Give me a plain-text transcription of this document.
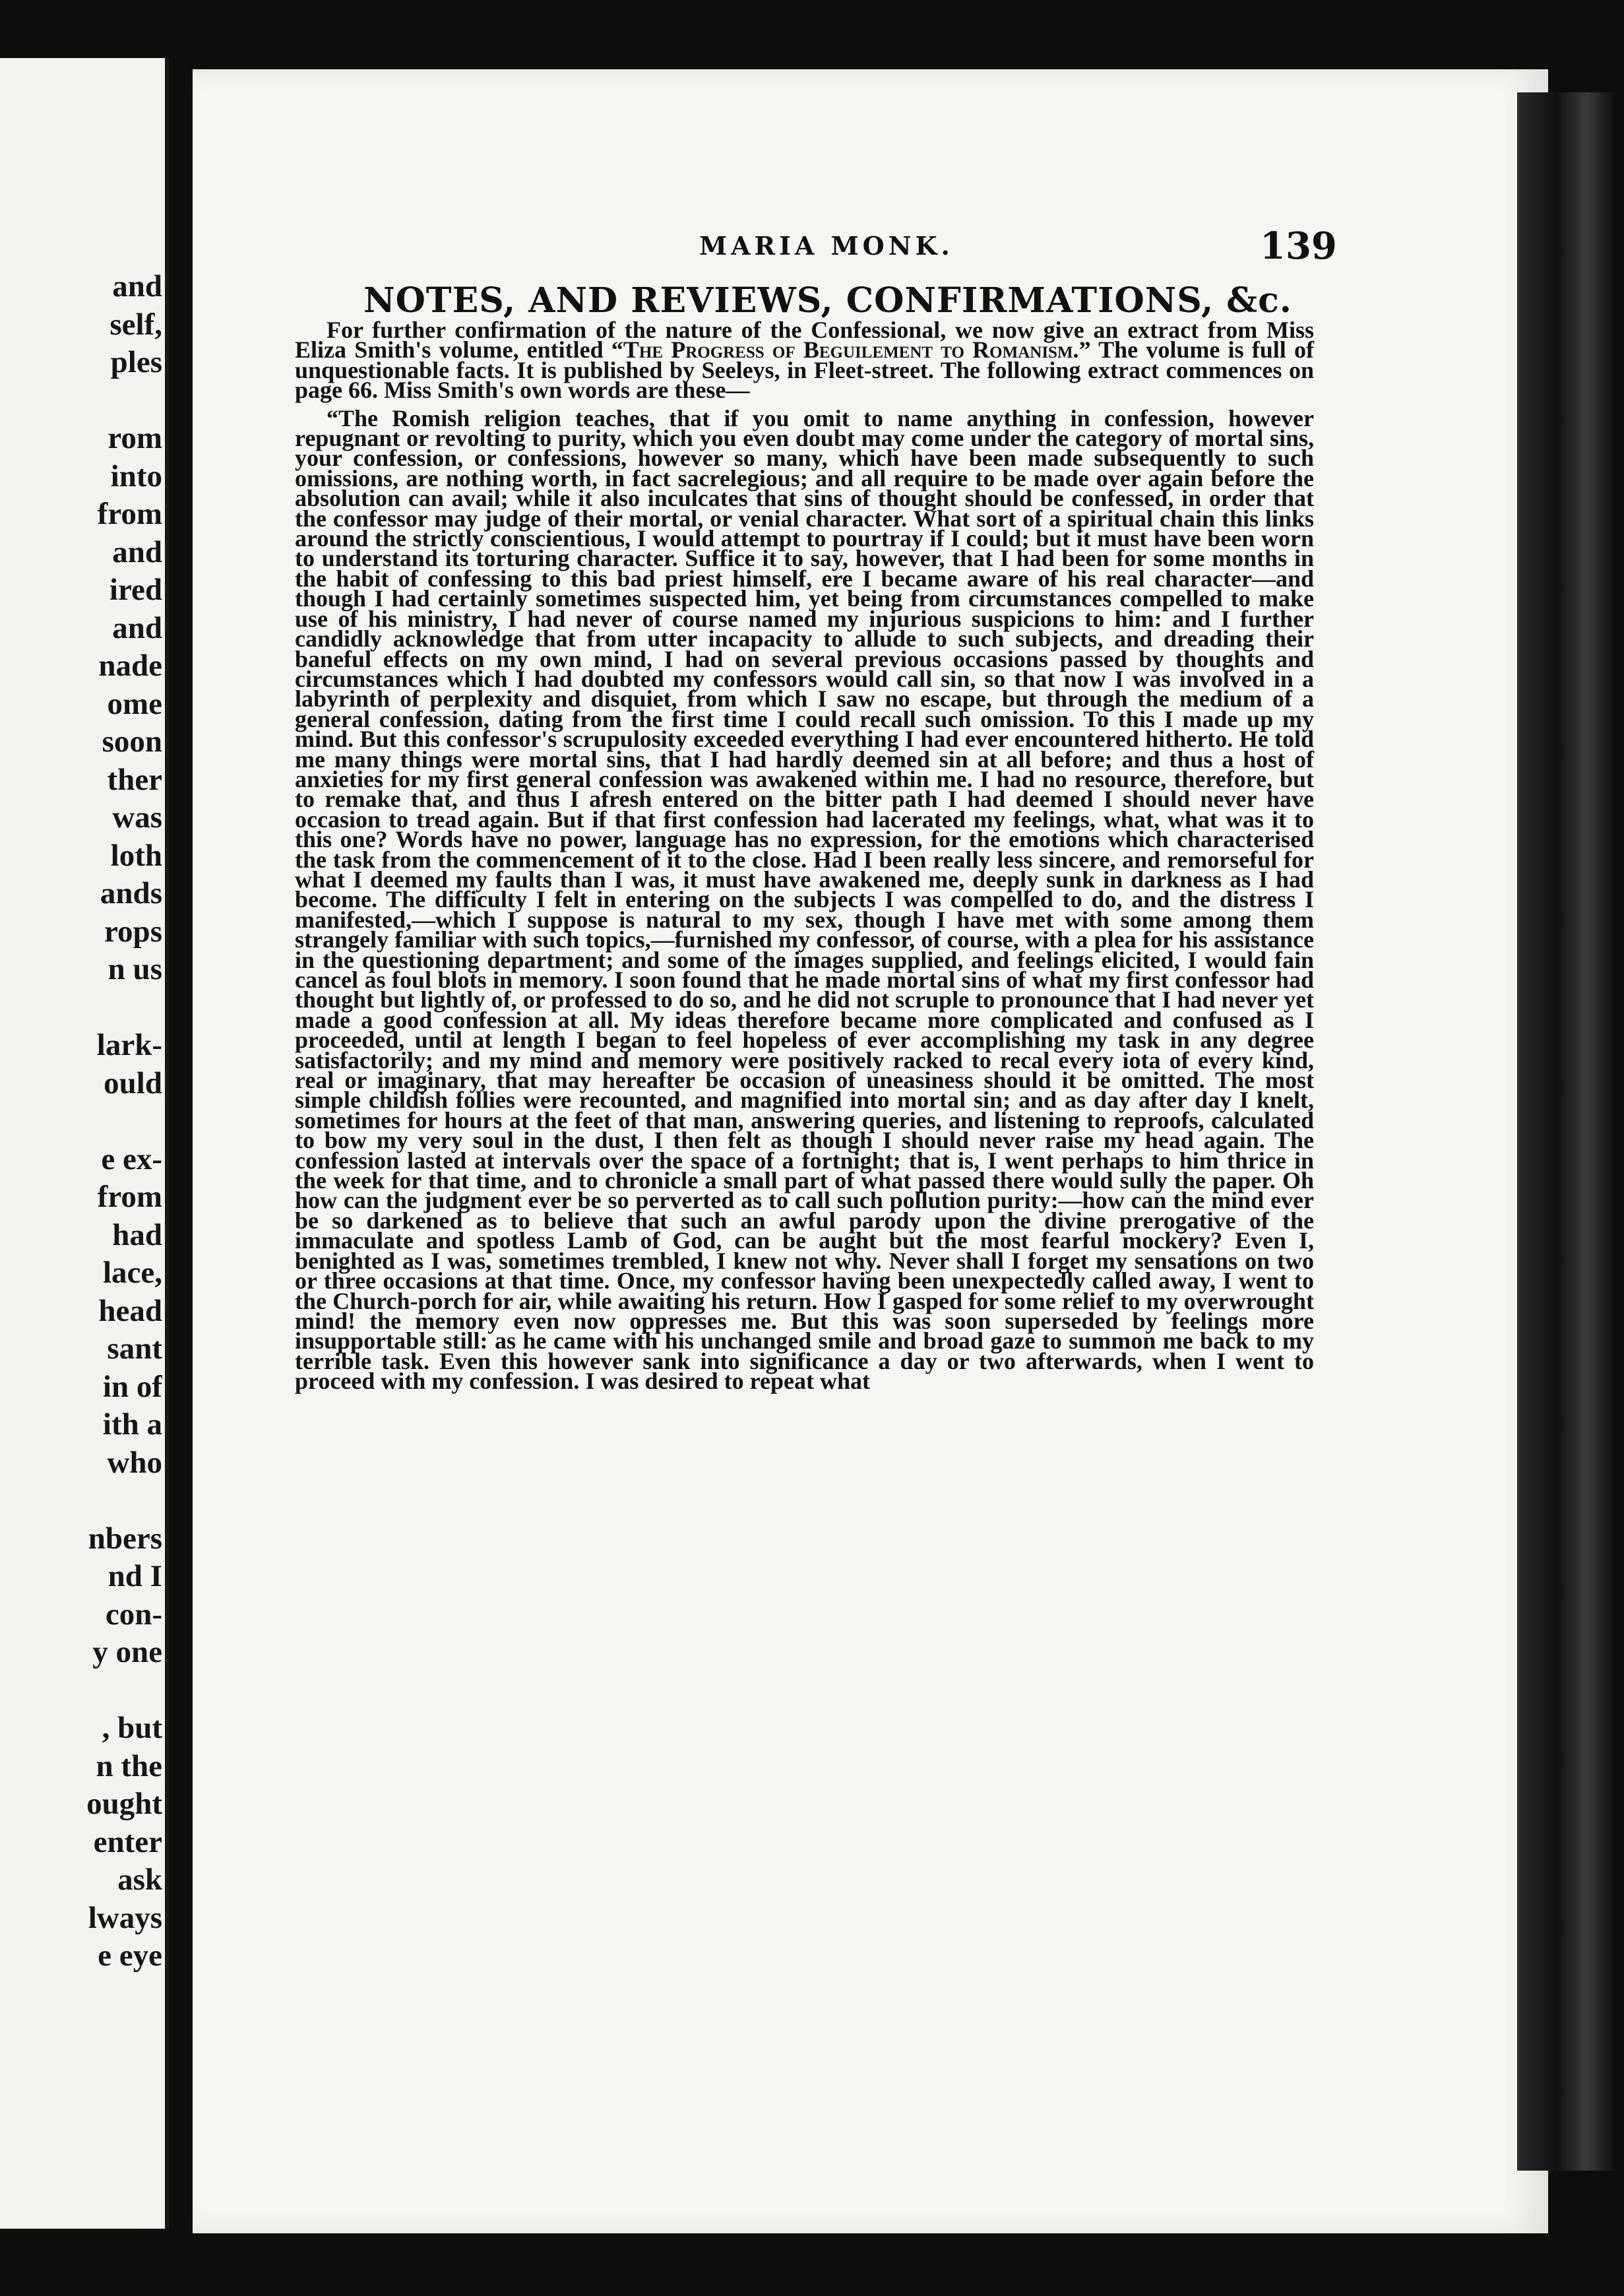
and
self,
ples
rom
into
from
and
ired
and
nade
ome
soon
ther
was
loth
ands
rops
n us
lark-
ould
e ex-
from
had
lace,
head
sant
in of
ith a
who
nbers
nd I
con-
y one
, but
n the
ought
enter
ask
lways
e eye
MARIA MONK.	139
NOTES, AND REVIEWS, CONFIRMATIONS, &c.

For further confirmation of the nature of the Confessional, we now give an extract from Miss Eliza Smith's volume, entitled “The Progress of Beguilement to Romanism.” The volume is full of unquestionable facts. It is published by Seeleys, in Fleet-street. The following extract commences on page 66. Miss Smith's own words are these—

“The Romish religion teaches, that if you omit to name anything in confession, however repugnant or revolting to purity, which you even doubt may come under the category of mortal sins, your confession, or confessions, however so many, which have been made subsequently to such omissions, are nothing worth, in fact sacrelegious; and all require to be made over again before the absolution can avail; while it also inculcates that sins of thought should be confessed, in order that the confessor may judge of their mortal, or venial character. What sort of a spiritual chain this links around the strictly conscientious, I would attempt to pourtray if I could; but it must have been worn to understand its torturing character. Suffice it to say, however, that I had been for some months in the habit of confessing to this bad priest himself, ere I became aware of his real character—and though I had certainly sometimes suspected him, yet being from circumstances compelled to make use of his ministry, I had never of course named my injurious suspicions to him: and I further candidly acknowledge that from utter incapacity to allude to such subjects, and dreading their baneful effects on my own mind, I had on several previous occasions passed by thoughts and circumstances which I had doubted my confessors would call sin, so that now I was involved in a labyrinth of perplexity and disquiet, from which I saw no escape, but through the medium of a general confession, dating from the first time I could recall such omission. To this I made up my mind. But this confessor's scrupulosity exceeded everything I had ever encountered hitherto. He told me many things were mortal sins, that I had hardly deemed sin at all before; and thus a host of anxieties for my first general confession was awakened within me. I had no resource, therefore, but to remake that, and thus I afresh entered on the bitter path I had deemed I should never have occasion to tread again. But if that first confession had lacerated my feelings, what, what was it to this one? Words have no power, language has no expression, for the emotions which characterised the task from the commencement of it to the close. Had I been really less sincere, and remorseful for what I deemed my faults than I was, it must have awakened me, deeply sunk in darkness as I had become. The difficulty I felt in entering on the subjects I was compelled to do, and the distress I manifested,—which I suppose is natural to my sex, though I have met with some among them strangely familiar with such topics,—furnished my confessor, of course, with a plea for his assistance in the questioning department; and some of the images supplied, and feelings elicited, I would fain cancel as foul blots in memory. I soon found that he made mortal sins of what my first confessor had thought but lightly of, or professed to do so, and he did not scruple to pronounce that I had never yet made a good confession at all. My ideas therefore became more complicated and confused as I proceeded, until at length I began to feel hopeless of ever accomplishing my task in any degree satisfactorily; and my mind and memory were positively racked to recal every iota of every kind, real or imaginary, that may hereafter be occasion of uneasiness should it be omitted. The most simple childish follies were recounted, and magnified into mortal sin; and as day after day I knelt, sometimes for hours at the feet of that man, answering queries, and listening to reproofs, calculated to bow my very soul in the dust, I then felt as though I should never raise my head again. The confession lasted at intervals over the space of a fortnight; that is, I went perhaps to him thrice in the week for that time, and to chronicle a small part of what passed there would sully the paper. Oh how can the judgment ever be so perverted as to call such pollution purity:—how can the mind ever be so darkened as to believe that such an awful parody upon the divine prerogative of the immaculate and spotless Lamb of God, can be aught but the most fearful mockery? Even I, benighted as I was, sometimes trembled, I knew not why. Never shall I forget my sensations on two or three occasions at that time. Once, my confessor having been unexpectedly called away, I went to the Church-porch for air, while awaiting his return. How I gasped for some relief to my overwrought mind! the memory even now oppresses me. But this was soon superseded by feelings more insupportable still: as he came with his unchanged smile and broad gaze to summon me back to my terrible task. Even this however sank into significance a day or two afterwards, when I went to proceed with my confession. I was desired to repeat what
